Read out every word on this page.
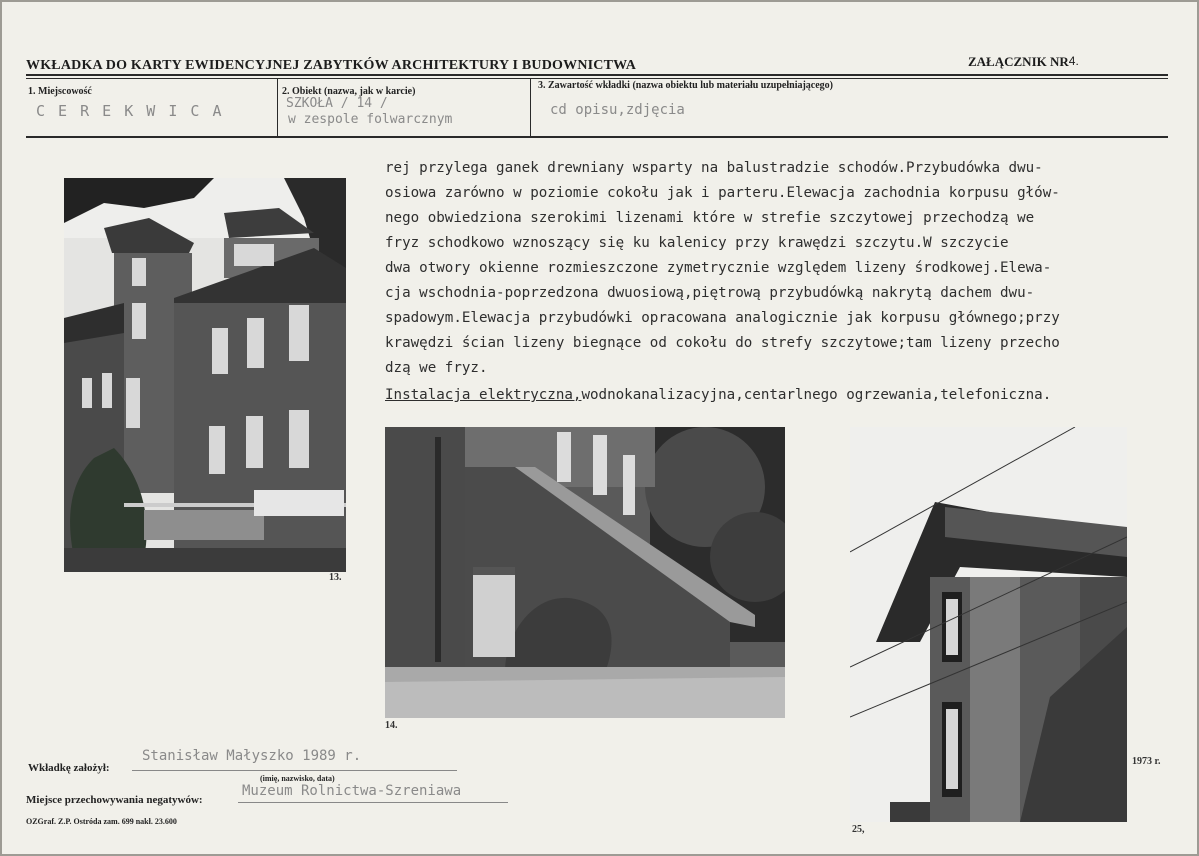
WKŁADKA DO KARTY EWIDENCYJNEJ ZABYTKÓW ARCHITEKTURY I BUDOWNICTWA	ZAŁĄCZNIK NR4.
1. Miejscowość
C E R E K W I C A
2. Obiekt (nazwa, jak w karcie)
SZKOŁA / 14 /
w zespole folwarcznym
3. Zawartość wkładki (nazwa obiektu lub materiału uzupełniającego)
cd opisu,zdjęcia
rej przylega ganek drewniany wsparty na balustradzie schodów.Przybudówka dwu-
osiowa zarówno w poziomie cokołu jak i parteru.Elewacja zachodnia korpusu głów-
nego obwiedziona szerokimi lizenami które w strefie szczytowej przechodzą we
fryz schodkowo wznoszący się ku kalenicy przy krawędzi szczytu.W szczycie
dwa otwory okienne rozmieszczone zymetrycznie względem lizeny środkowej.Elewa-
cja wschodnia-poprzedzona dwuosiową,piętrową przybudówką nakrytą dachem dwu-
spadowym.Elewacja przybudówki opracowana analogicznie jak korpusu głównego;przy
krawędzi ścian lizeny biegnące od cokołu do strefy szczytowe;tam lizeny przecho
dzą we fryz.
Instalacja elektryczna,wodnokanalizacyjna,centarlnego ogrzewania,telefoniczna.
13.
14.
25,
1973 r.
Wkładkę założył:
Stanisław Małyszko 1989 r.
(imię, nazwisko, data)
Miejsce przechowywania negatywów:
Muzeum Rolnictwa-Szreniawa
OZGraf. Z.P. Ostróda zam. 699 nakł. 23.600
